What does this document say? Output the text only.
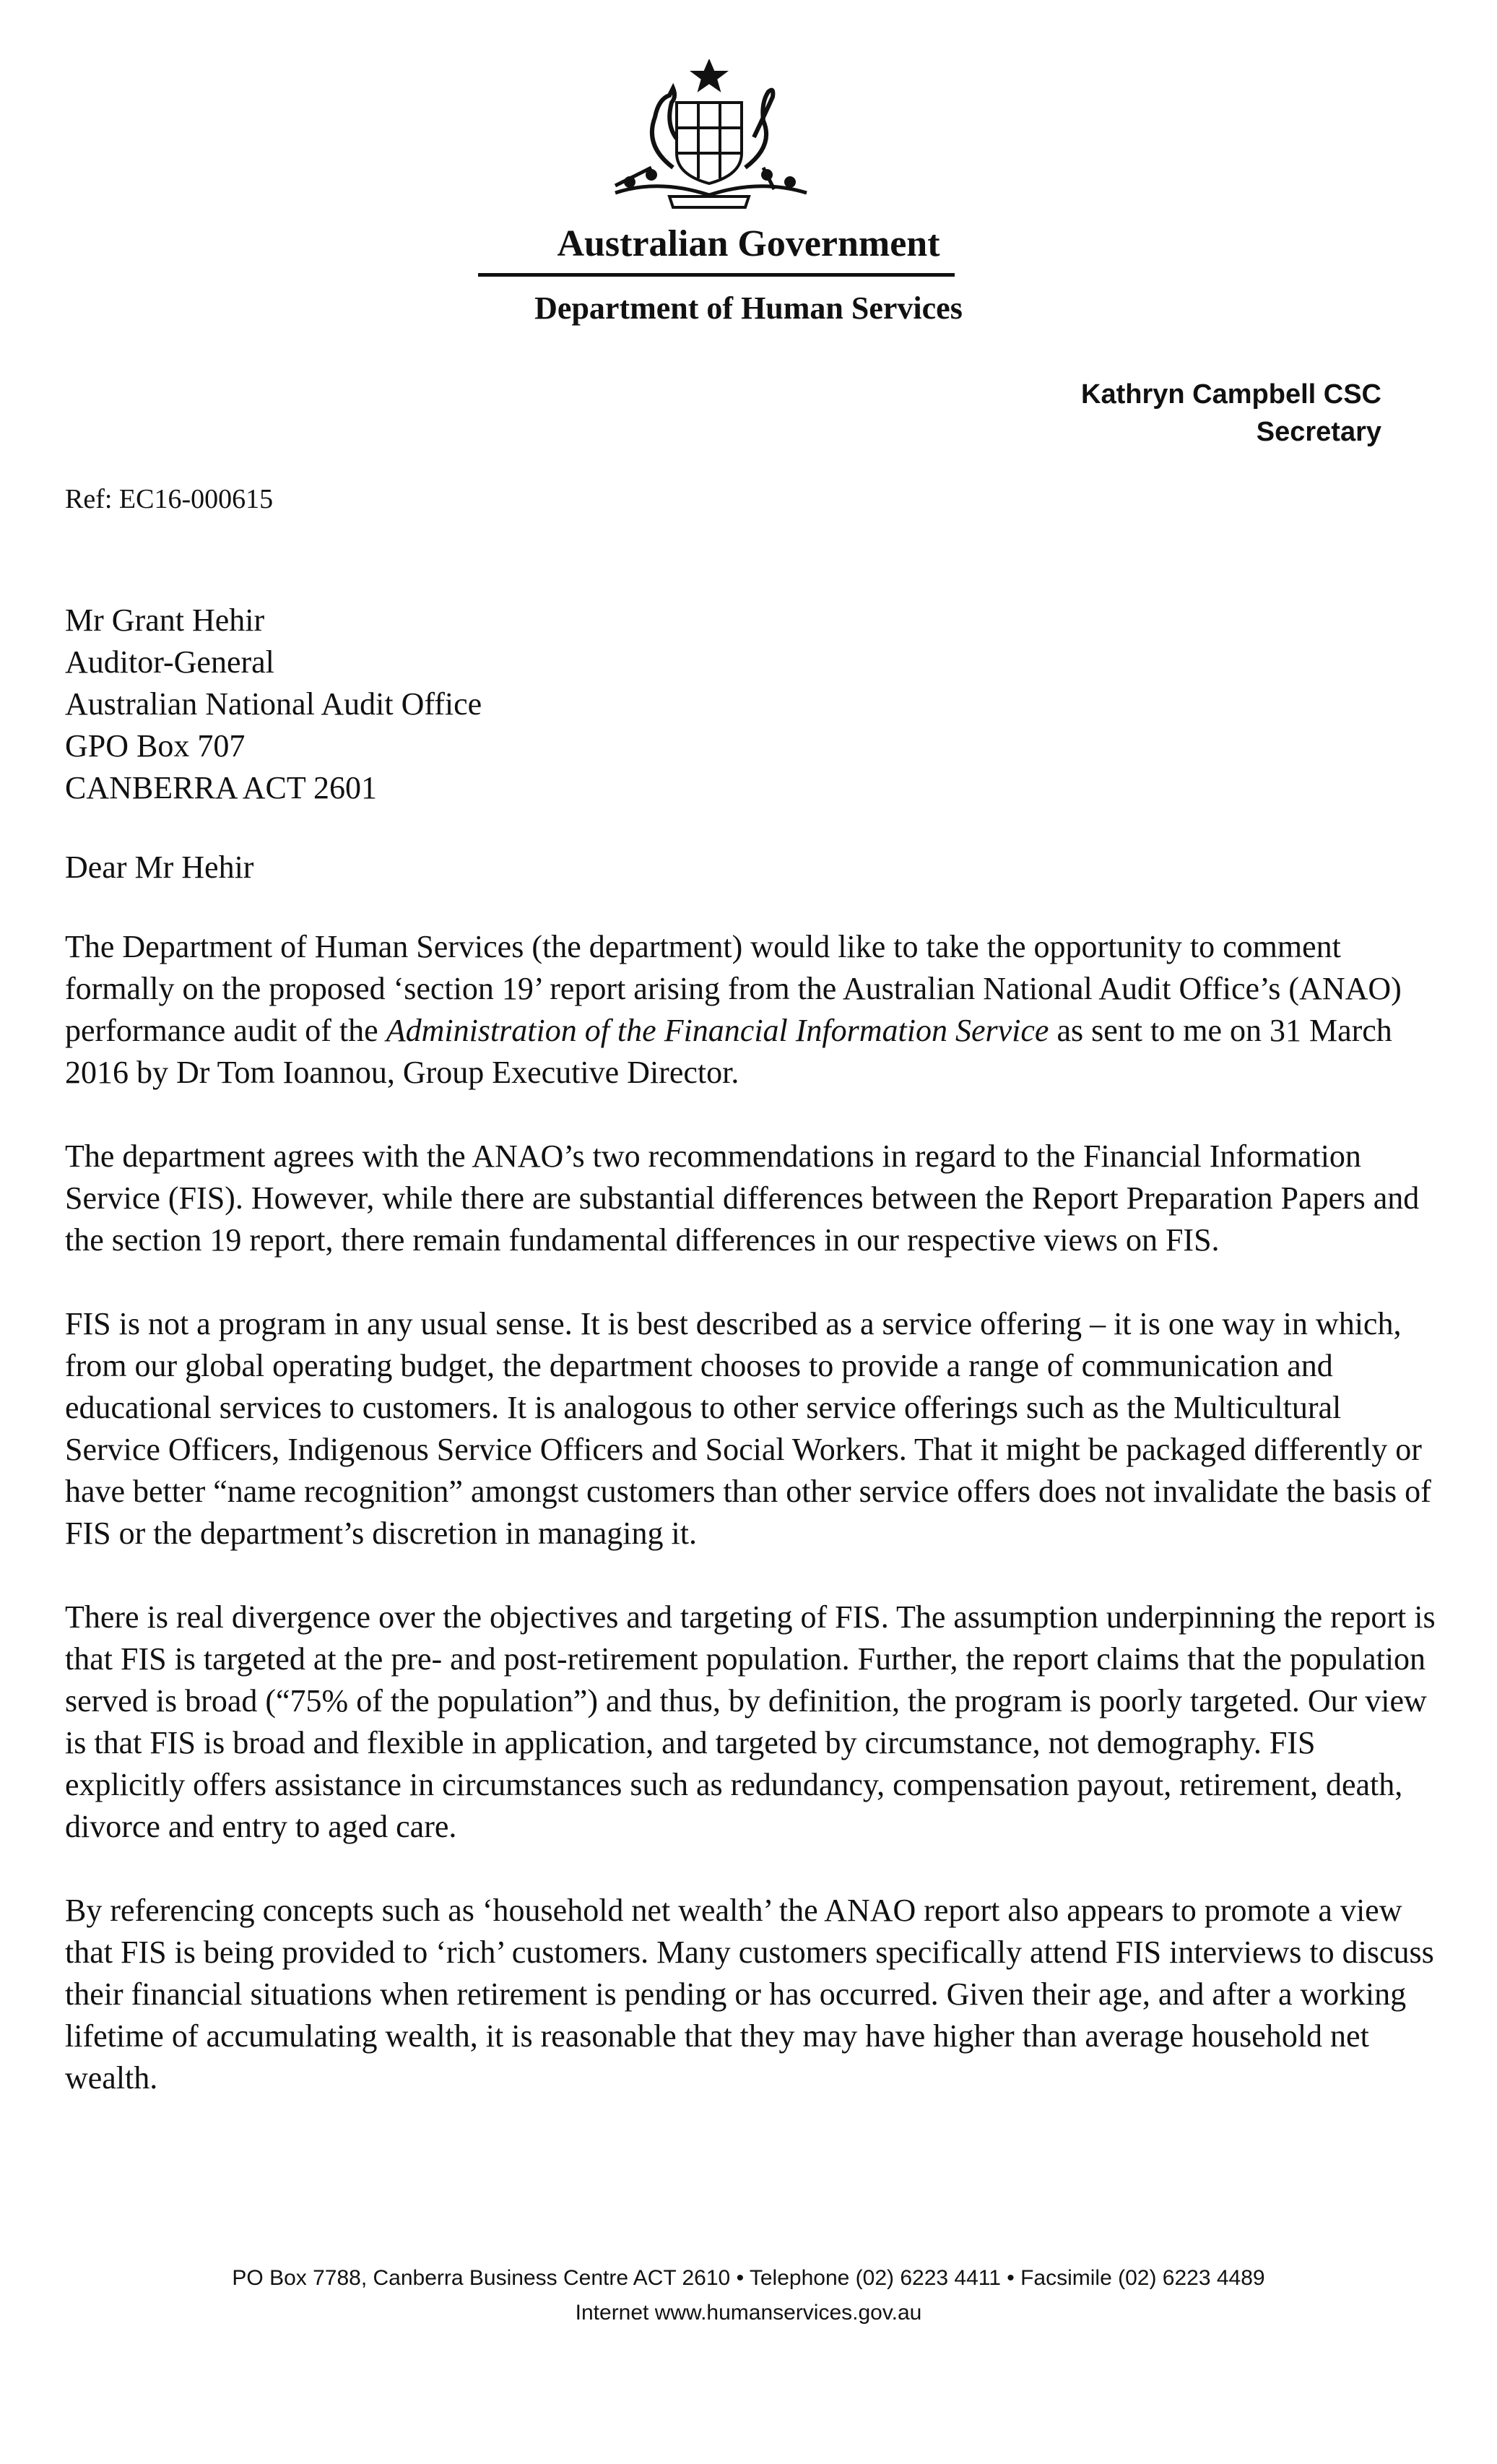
Australian Government
Department of Human Services
Kathryn Campbell CSC
Secretary
Ref: EC16-000615
Mr Grant Hehir
Auditor-General
Australian National Audit Office
GPO Box 707
CANBERRA ACT 2601
Dear Mr Hehir

The Department of Human Services (the department) would like to take the opportunity to comment formally on the proposed ‘section 19’ report arising from the Australian National Audit Office’s (ANAO) performance audit of the Administration of the Financial Information Service as sent to me on 31 March 2016 by Dr Tom Ioannou, Group Executive Director.

The department agrees with the ANAO’s two recommendations in regard to the Financial Information Service (FIS). However, while there are substantial differences between the Report Preparation Papers and the section 19 report, there remain fundamental differences in our respective views on FIS.

FIS is not a program in any usual sense. It is best described as a service offering – it is one way in which, from our global operating budget, the department chooses to provide a range of communication and educational services to customers. It is analogous to other service offerings such as the Multicultural Service Officers, Indigenous Service Officers and Social Workers. That it might be packaged differently or have better “name recognition” amongst customers than other service offers does not invalidate the basis of FIS or the department’s discretion in managing it.

There is real divergence over the objectives and targeting of FIS. The assumption underpinning the report is that FIS is targeted at the pre- and post-retirement population. Further, the report claims that the population served is broad (“75% of the population”) and thus, by definition, the program is poorly targeted. Our view is that FIS is broad and flexible in application, and targeted by circumstance, not demography. FIS explicitly offers assistance in circumstances such as redundancy, compensation payout, retirement, death, divorce and entry to aged care.

By referencing concepts such as ‘household net wealth’ the ANAO report also appears to promote a view that FIS is being provided to ‘rich’ customers. Many customers specifically attend FIS interviews to discuss their financial situations when retirement is pending or has occurred. Given their age, and after a working lifetime of accumulating wealth, it is reasonable that they may have higher than average household net wealth.

PO Box 7788, Canberra Business Centre ACT 2610 • Telephone (02) 6223 4411 • Facsimile (02) 6223 4489
Internet www.humanservices.gov.au
